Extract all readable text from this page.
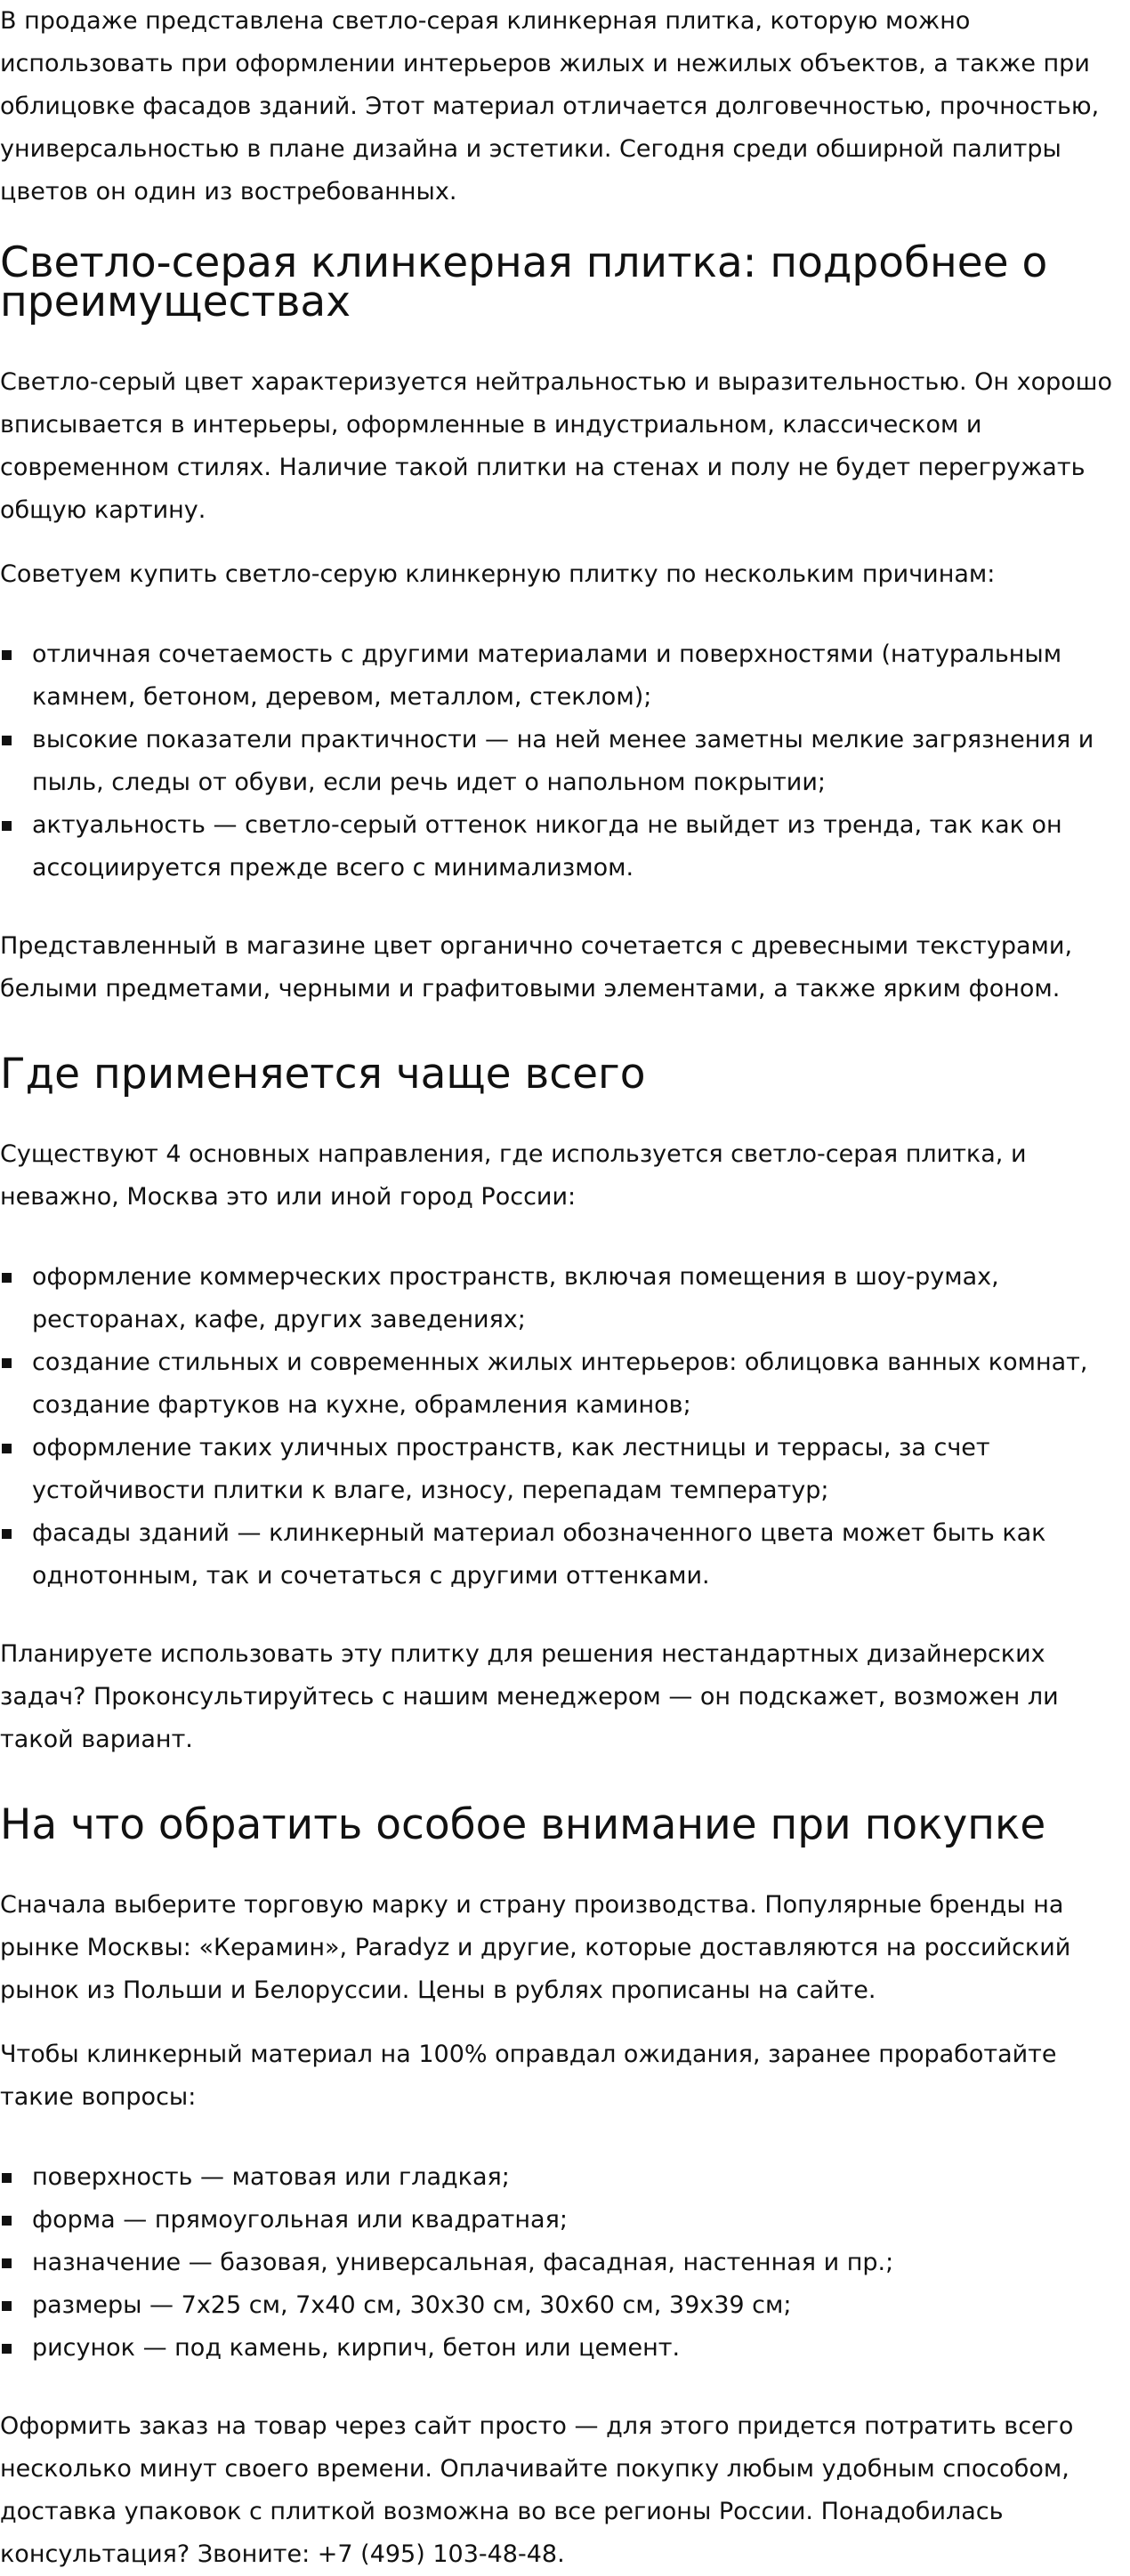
В продаже представлена светло-серая клинкерная плитка, которую можно использовать при оформлении интерьеров жилых и нежилых объектов, а также при облицовке фасадов зданий. Этот материал отличается долговечностью, прочностью, универсальностью в плане дизайна и эстетики. Сегодня среди обширной палитры цветов он один из востребованных.

Светло-серая клинкерная плитка: подробнее о преимуществах

Светло-серый цвет характеризуется нейтральностью и выразительностью. Он хорошо вписывается в интерьеры, оформленные в индустриальном, классическом и современном стилях. Наличие такой плитки на стенах и полу не будет перегружать общую картину.

Советуем купить светло-серую клинкерную плитку по нескольким причинам:

отличная сочетаемость с другими материалами и поверхностями (натуральным камнем, бетоном, деревом, металлом, стеклом);
высокие показатели практичности — на ней менее заметны мелкие загрязнения и пыль, следы от обуви, если речь идет о напольном покрытии;
актуальность — светло-серый оттенок никогда не выйдет из тренда, так как он ассоциируется прежде всего с минимализмом.

Представленный в магазине цвет органично сочетается с древесными текстурами, белыми предметами, черными и графитовыми элементами, а также ярким фоном.

Где применяется чаще всего

Существуют 4 основных направления, где используется светло-серая плитка, и неважно, Москва это или иной город России:

оформление коммерческих пространств, включая помещения в шоу-румах, ресторанах, кафе, других заведениях;
создание стильных и современных жилых интерьеров: облицовка ванных комнат, создание фартуков на кухне, обрамления каминов;
оформление таких уличных пространств, как лестницы и террасы, за счет устойчивости плитки к влаге, износу, перепадам температур;
фасады зданий — клинкерный материал обозначенного цвета может быть как однотонным, так и сочетаться с другими оттенками.

Планируете использовать эту плитку для решения нестандартных дизайнерских задач? Проконсультируйтесь с нашим менеджером — он подскажет, возможен ли такой вариант.

На что обратить особое внимание при покупке

Сначала выберите торговую марку и страну производства. Популярные бренды на рынке Москвы: «Керамин», Paradyz и другие, которые доставляются на российский рынок из Польши и Белоруссии. Цены в рублях прописаны на сайте.

Чтобы клинкерный материал на 100% оправдал ожидания, заранее проработайте такие вопросы:

поверхность — матовая или гладкая;
форма — прямоугольная или квадратная;
назначение — базовая, универсальная, фасадная, настенная и пр.;
размеры — 7x25 см, 7x40 см, 30x30 см, 30x60 см, 39x39 см;
рисунок — под камень, кирпич, бетон или цемент.

Оформить заказ на товар через сайт просто — для этого придется потратить всего несколько минут своего времени. Оплачивайте покупку любым удобным способом, доставка упаковок с плиткой возможна во все регионы России. Понадобилась консультация? Звоните: +7 (495) 103-48-48.
